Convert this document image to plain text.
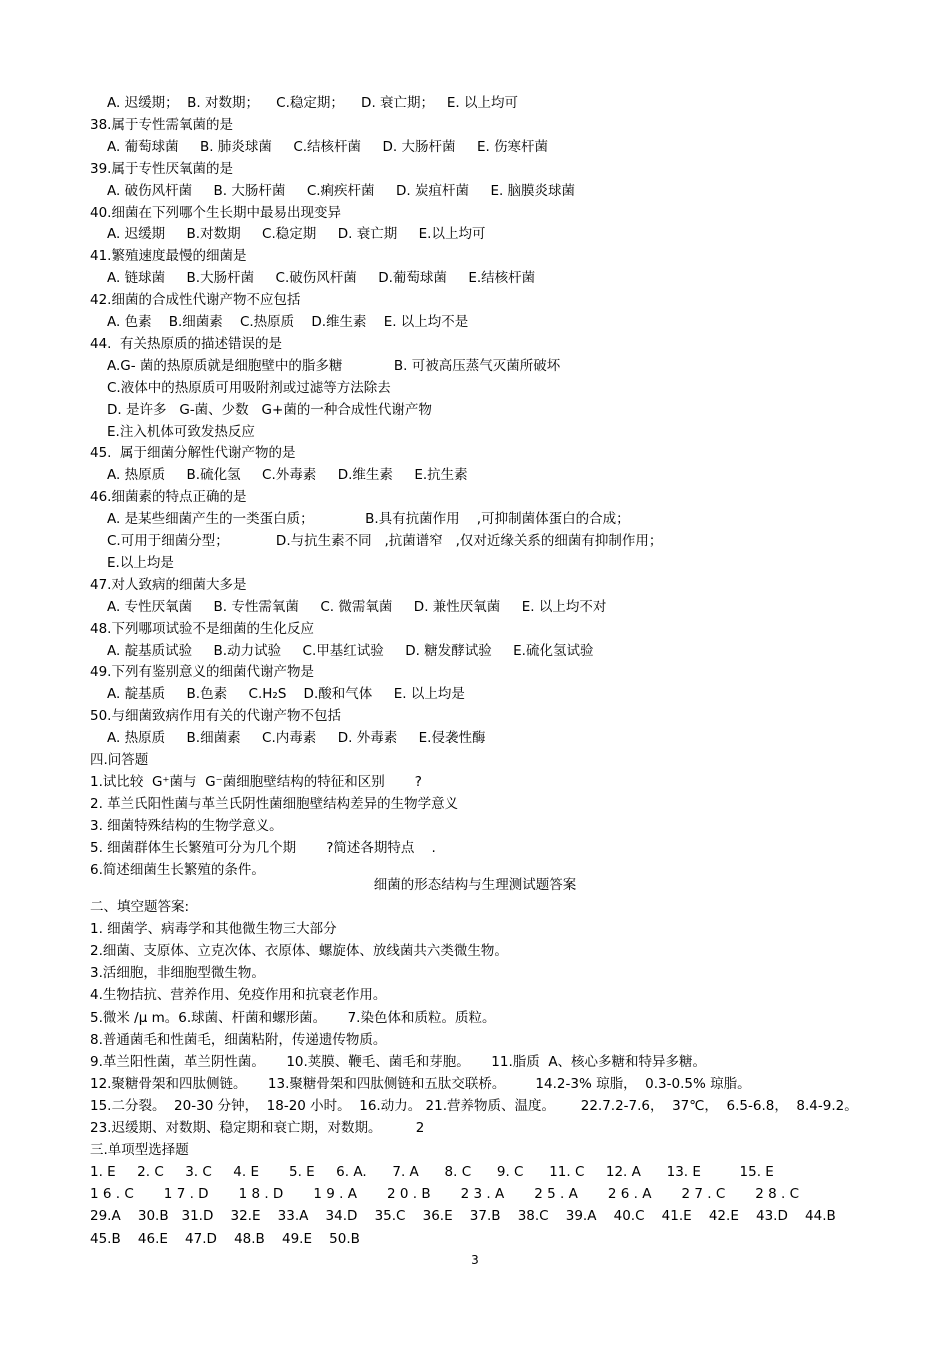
A. 迟缓期；  B. 对数期；    C.稳定期；    D. 衰亡期；   E. 以上均可
38.属于专性需氧菌的是
A. 葡萄球菌     B. 肺炎球菌     C.结核杆菌     D. 大肠杆菌     E. 伤寒杆菌
39.属于专性厌氧菌的是
A. 破伤风杆菌     B. 大肠杆菌     C.痢疾杆菌     D. 炭疽杆菌     E. 脑膜炎球菌
40.细菌在下列哪个生长期中最易出现变异
A. 迟缓期     B.对数期     C.稳定期     D. 衰亡期     E.以上均可
41.繁殖速度最慢的细菌是
A. 链球菌     B.大肠杆菌     C.破伤风杆菌     D.葡萄球菌     E.结核杆菌
42.细菌的合成性代谢产物不应包括
A. 色素    B.细菌素    C.热原质    D.维生素    E. 以上均不是
44.  有关热原质的描述错误的是
A.G- 菌的热原质就是细胞壁中的脂多糖            B. 可被高压蒸气灭菌所破坏
C.液体中的热原质可用吸附剂或过滤等方法除去
D. 是许多   G-菌、少数   G+菌的一种合成性代谢产物
E.注入机体可致发热反应
45.  属于细菌分解性代谢产物的是
A. 热原质     B.硫化氢     C.外毒素     D.维生素     E.抗生素
46.细菌素的特点正确的是
A. 是某些细菌产生的一类蛋白质；            B.具有抗菌作用    ,可抑制菌体蛋白的合成；
C.可用于细菌分型；           D.与抗生素不同   ,抗菌谱窄   ,仅对近缘关系的细菌有抑制作用；
E.以上均是
47.对人致病的细菌大多是
A. 专性厌氧菌     B. 专性需氧菌     C. 微需氧菌     D. 兼性厌氧菌     E. 以上均不对
48.下列哪项试验不是细菌的生化反应
A. 靛基质试验     B.动力试验     C.甲基红试验     D. 糖发酵试验     E.硫化氢试验
49.下列有鉴别意义的细菌代谢产物是
A. 靛基质     B.色素     C.H₂S    D.酸和气体     E. 以上均是
50.与细菌致病作用有关的代谢产物不包括
A. 热原质     B.细菌素     C.内毒素     D. 外毒素     E.侵袭性酶
四.问答题
1.试比较  G⁺菌与  G⁻菌细胞壁结构的特征和区别       ?
2. 革兰氏阳性菌与革兰氏阴性菌细胞壁结构差异的生物学意义
3. 细菌特殊结构的生物学意义。
5. 细菌群体生长繁殖可分为几个期       ?简述各期特点    .
6.简述细菌生长繁殖的条件。
细菌的形态结构与生理测试题答案
二、填空题答案:
1. 细菌学、病毒学和其他微生物三大部分
2.细菌、支原体、立克次体、衣原体、螺旋体、放线菌共六类微生物。
3.活细胞，非细胞型微生物。
4.生物拮抗、营养作用、免疫作用和抗衰老作用。
5.微米 /μ m。6.球菌、杆菌和螺形菌。     7.染色体和质粒。质粒。
8.普通菌毛和性菌毛，细菌粘附，传递遗传物质。
9.革兰阳性菌，革兰阴性菌。     10.荚膜、鞭毛、菌毛和芽胞。     11.脂质  A、核心多糖和特异多糖。
12.聚糖骨架和四肽侧链。     13.聚糖骨架和四肽侧链和五肽交联桥。       14.2-3% 琼脂，  0.3-0.5% 琼脂。
15.二分裂。  20-30 分钟，  18-20 小时。  16.动力。 21.营养物质、温度。      22.7.2-7.6，  37℃，  6.5-6.8，  8.4-9.2。
23.迟缓期、对数期、稳定期和衰亡期，对数期。        2
三.单项型选择题
1. E     2. C     3. C     4. E       5. E     6. A.      7. A      8. C      9. C      11. C     12. A      13. E         15. E
1 6 . C       1 7 . D       1 8 . D       1 9 . A       2 0 . B       2 3 . A       2 5 . A       2 6 . A       2 7 . C       2 8 . C
29.A    30.B   31.D    32.E    33.A    34.D    35.C    36.E    37.B    38.C    39.A    40.C    41.E    42.E    43.D    44.B
45.B    46.E    47.D    48.B    49.E    50.B
3
